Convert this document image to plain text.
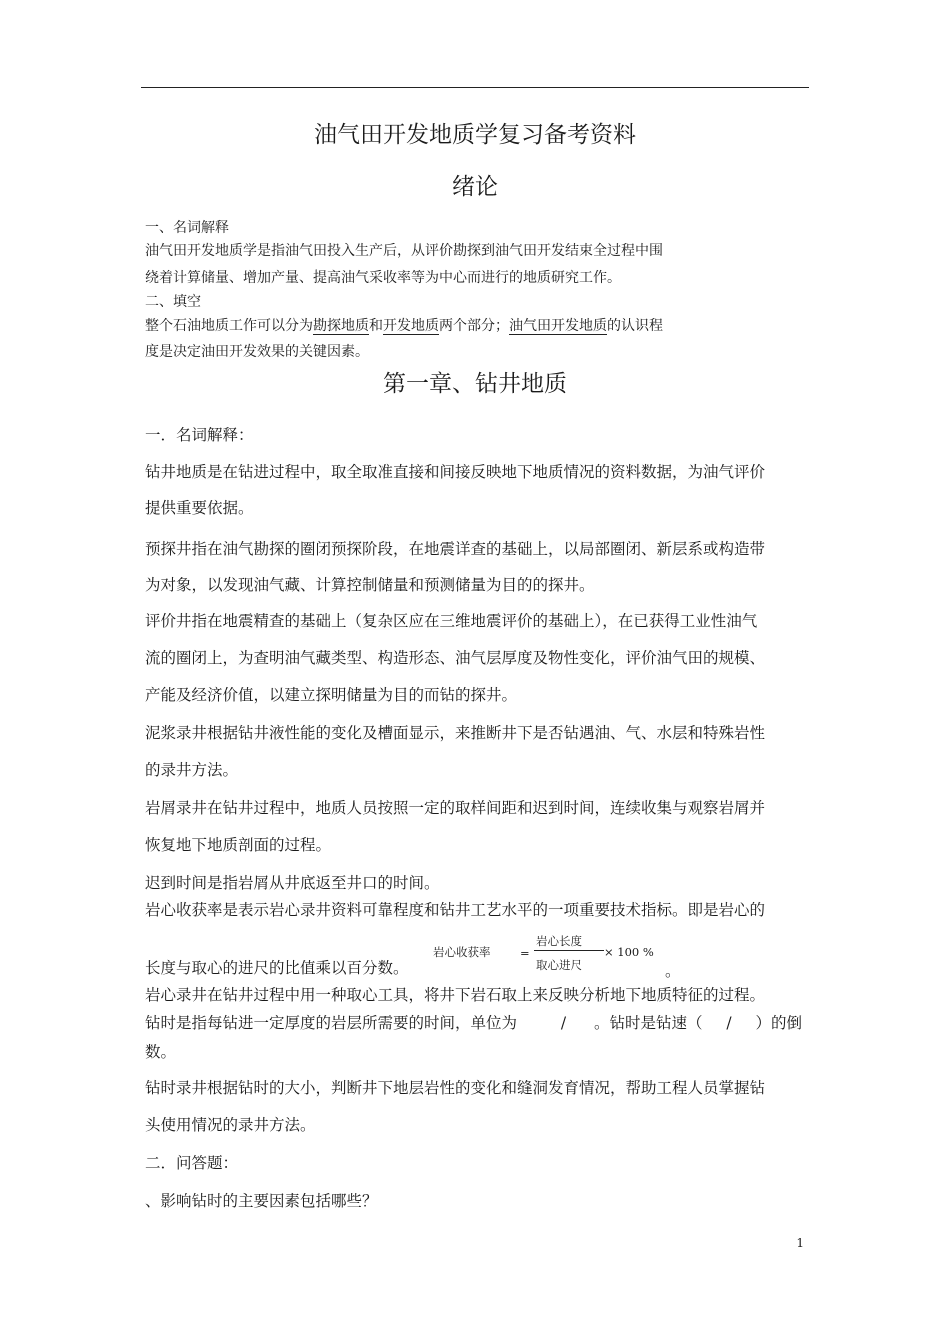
油气田开发地质学复习备考资料
绪论
一、名词解释
油气田开发地质学是指油气田投入生产后，从评价勘探到油气田开发结束全过程中围
绕着计算储量、增加产量、提高油气采收率等为中心而进行的地质研究工作。
二、填空
整个石油地质工作可以分为勘探地质和开发地质两个部分；油气田开发地质的认识程
度是决定油田开发效果的关键因素。
第一章、钻井地质
一．名词解释：
钻井地质是在钻进过程中，取全取准直接和间接反映地下地质情况的资料数据，为油气评价
提供重要依据。
预探井指在油气勘探的圈闭预探阶段，在地震详查的基础上，以局部圈闭、新层系或构造带
为对象，以发现油气藏、计算控制储量和预测储量为目的的探井。
评价井指在地震精查的基础上（复杂区应在三维地震评价的基础上），在已获得工业性油气
流的圈闭上，为查明油气藏类型、构造形态、油气层厚度及物性变化，评价油气田的规模、
产能及经济价值，以建立探明储量为目的而钻的探井。
泥浆录井根据钻井液性能的变化及槽面显示，来推断井下是否钻遇油、气、水层和特殊岩性
的录井方法。
岩屑录井在钻井过程中，地质人员按照一定的取样间距和迟到时间，连续收集与观察岩屑并
恢复地下地质剖面的过程。
迟到时间是指岩屑从井底返至井口的时间。
岩心收获率是表示岩心录井资料可靠程度和钻井工艺水平的一项重要技术指标。即是岩心的
长度与取心的进尺的比值乘以百分数。
岩心收获率	=
岩心长度
取心进尺
× 100 %
。
岩心录井在钻井过程中用一种取心工具，将井下岩石取上来反映分析地下地质特征的过程。
钻时是指每钻进一定厚度的岩层所需要的时间，单位为	/ 。钻时是钻速（ / ）的倒
数。
钻时录井根据钻时的大小，判断井下地层岩性的变化和缝洞发育情况，帮助工程人员掌握钻
头使用情况的录井方法。
二．问答题：
、影响钻时的主要因素包括哪些？
1
